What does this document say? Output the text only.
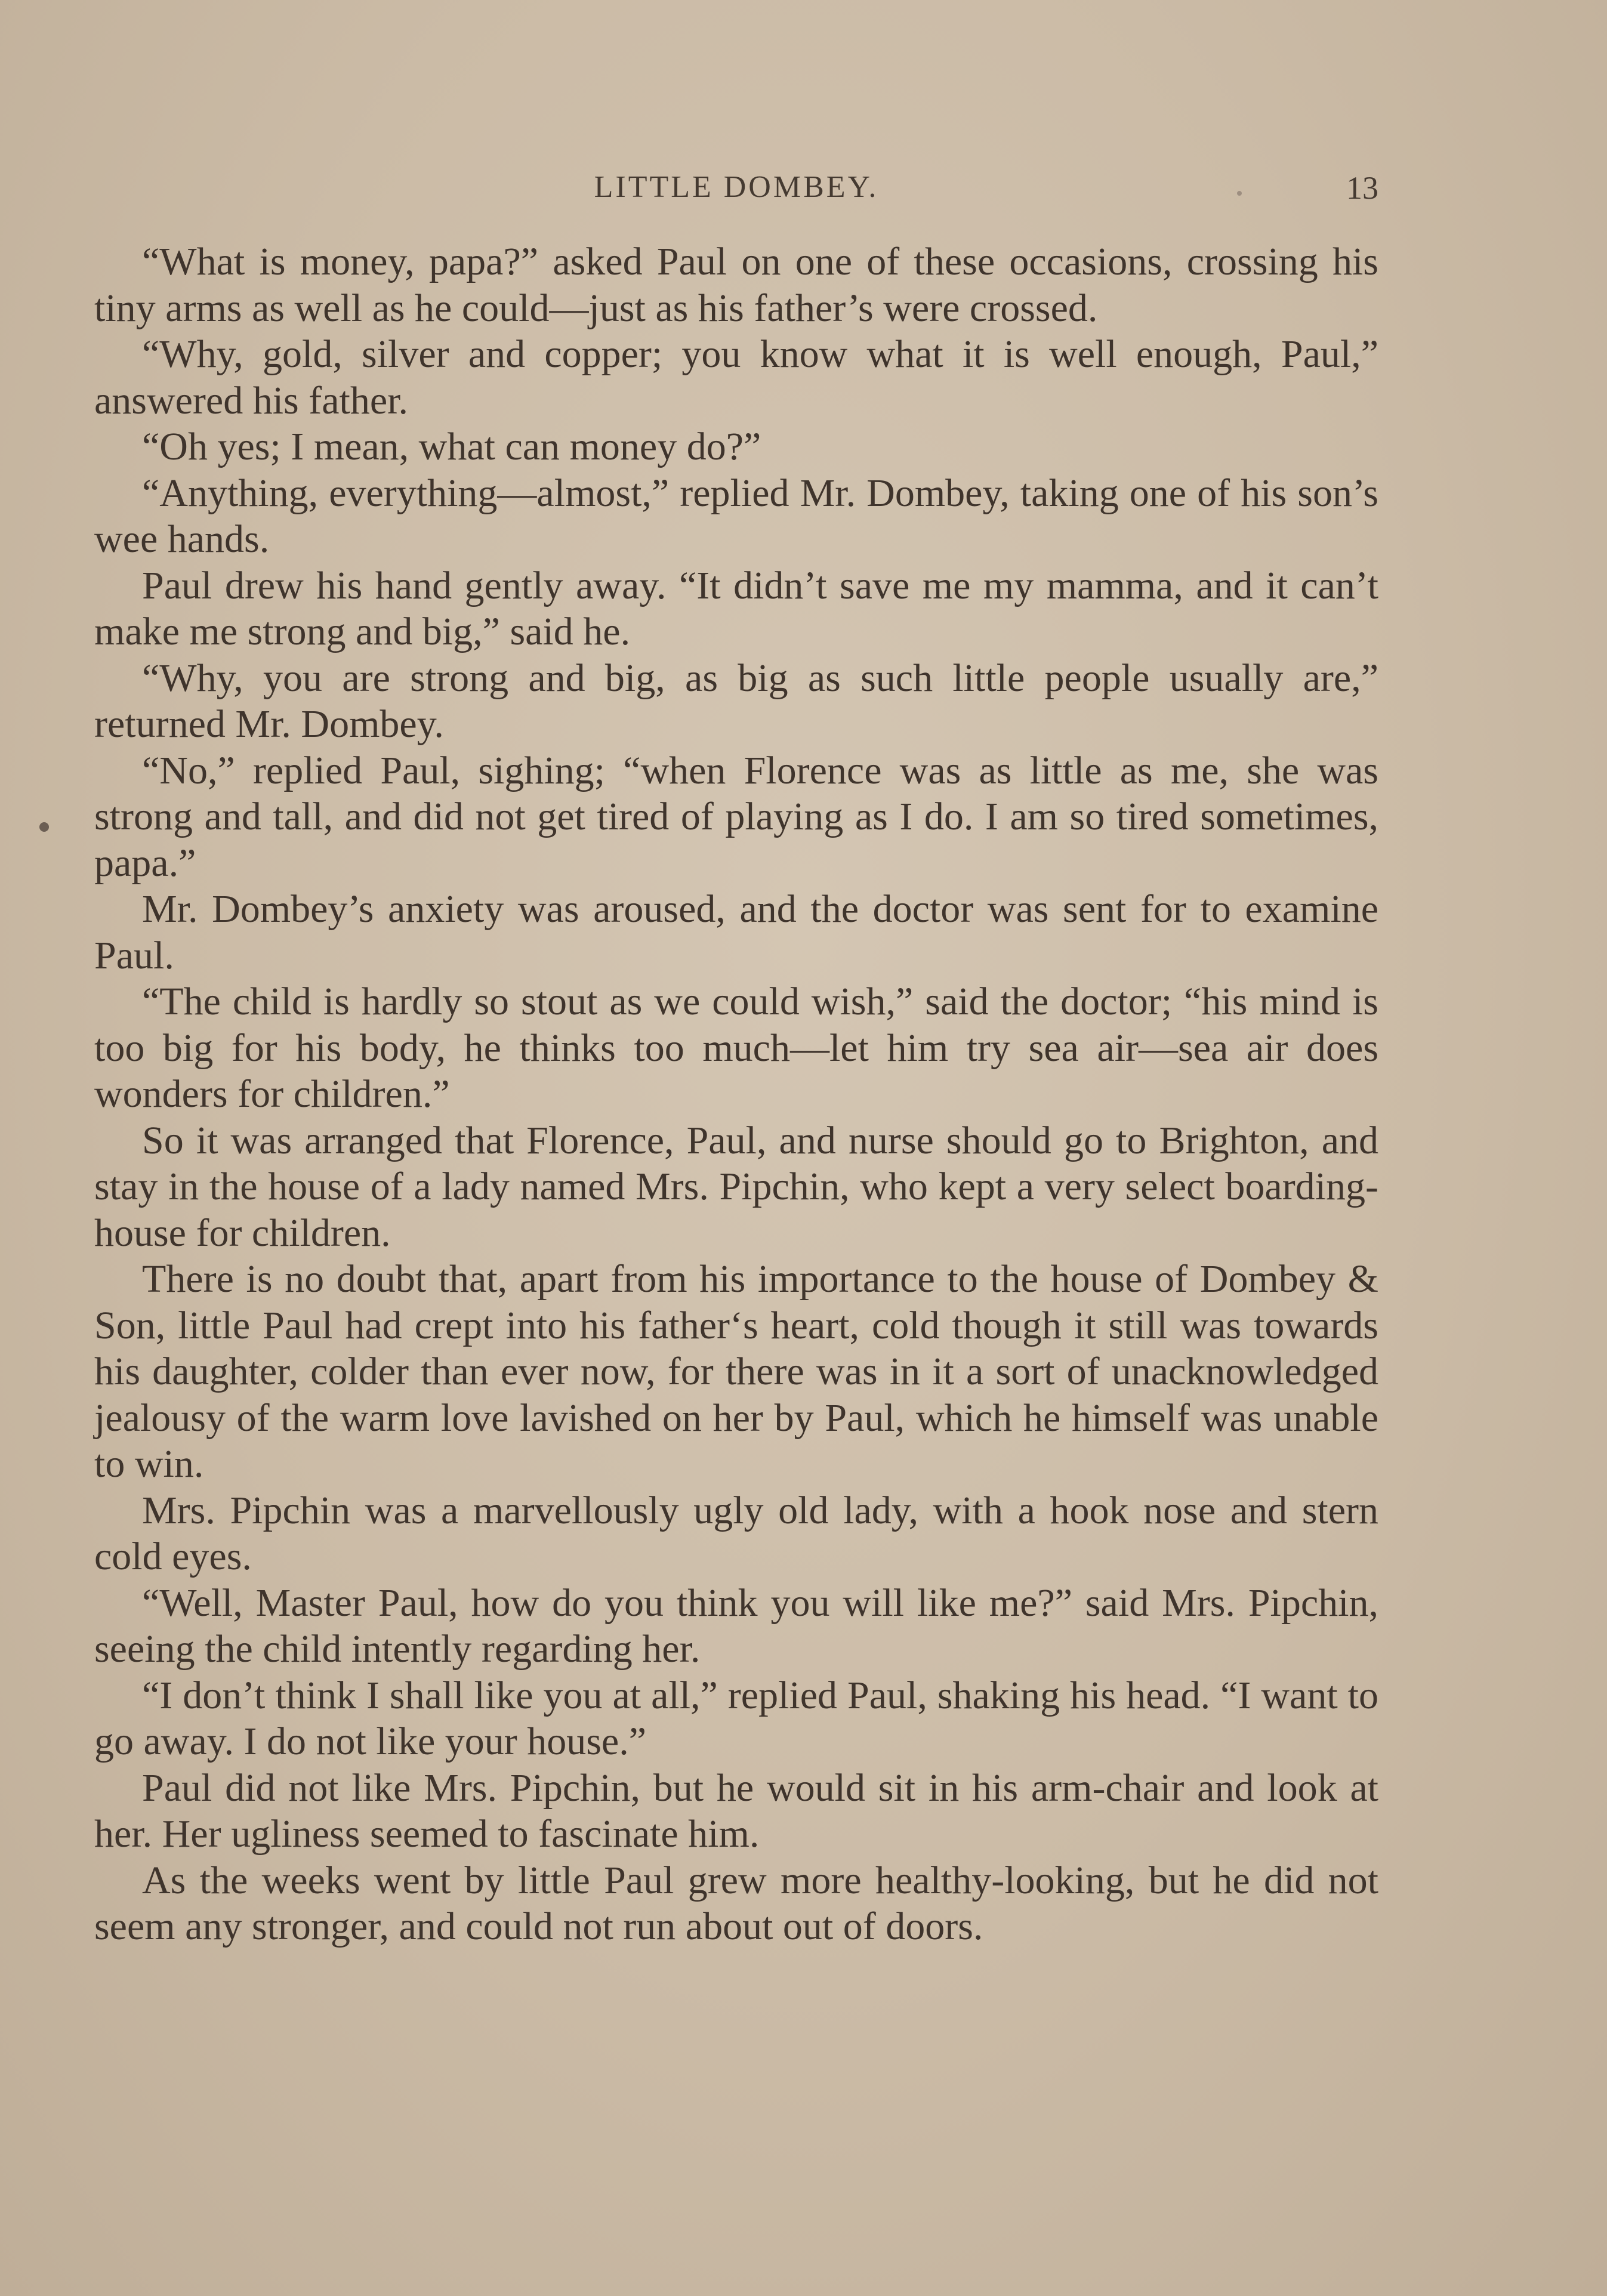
LITTLE DOMBEY.	13

“What is money, papa?” asked Paul on one of these occasions, crossing his tiny arms as well as he could—just as his father’s were crossed.

“Why, gold, silver and copper; you know what it is well enough, Paul,” answered his father.

“Oh yes; I mean, what can money do?”

“Anything, everything—almost,” replied Mr. Dombey, taking one of his son’s wee hands.

Paul drew his hand gently away. “It didn’t save me my mamma, and it can’t make me strong and big,” said he.

“Why, you are strong and big, as big as such little people usually are,” returned Mr. Dombey.

“No,” replied Paul, sighing; “when Florence was as little as me, she was strong and tall, and did not get tired of playing as I do. I am so tired sometimes, papa.”

Mr. Dombey’s anxiety was aroused, and the doctor was sent for to examine Paul.

“The child is hardly so stout as we could wish,” said the doctor; “his mind is too big for his body, he thinks too much—let him try sea air—sea air does wonders for children.”

So it was arranged that Florence, Paul, and nurse should go to Brighton, and stay in the house of a lady named Mrs. Pipchin, who kept a very select boarding-house for children.

There is no doubt that, apart from his importance to the house of Dombey & Son, little Paul had crept into his father‘s heart, cold though it still was towards his daughter, colder than ever now, for there was in it a sort of unacknowledged jealousy of the warm love lavished on her by Paul, which he himself was unable to win.

Mrs. Pipchin was a marvellously ugly old lady, with a hook nose and stern cold eyes.

“Well, Master Paul, how do you think you will like me?” said Mrs. Pipchin, seeing the child intently regarding her.

“I don’t think I shall like you at all,” replied Paul, shaking his head. “I want to go away. I do not like your house.”

Paul did not like Mrs. Pipchin, but he would sit in his arm-chair and look at her. Her ugliness seemed to fascinate him.

As the weeks went by little Paul grew more healthy-looking, but he did not seem any stronger, and could not run about out of doors.
